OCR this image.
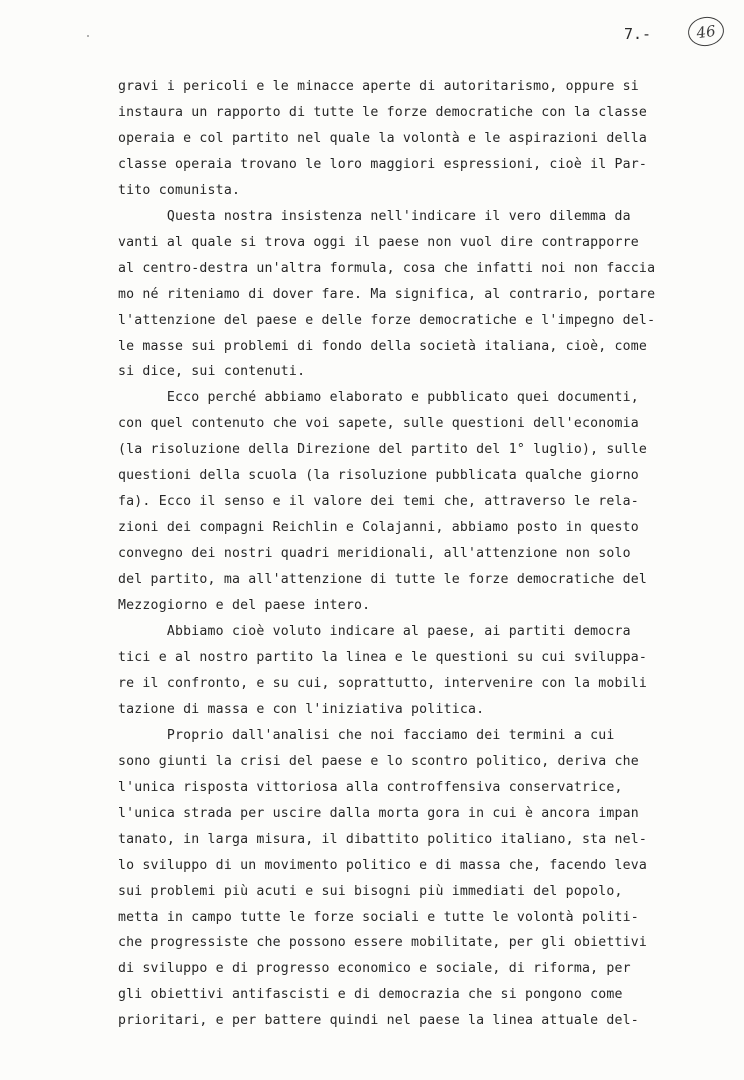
7.-	46
gravi i pericoli e le minacce aperte di autoritarismo, oppure si
instaura un rapporto di tutte le forze democratiche con la classe
operaia e col partito nel quale la volontà e le aspirazioni della
classe operaia trovano le loro maggiori espressioni, cioè il Par-
tito comunista.
Questa nostra insistenza nell'indicare il vero dilemma da
vanti al quale si trova oggi il paese non vuol dire contrapporre
al centro-destra un'altra formula, cosa che infatti noi non faccia
mo né riteniamo di dover fare. Ma significa, al contrario, portare
l'attenzione del paese e delle forze democratiche e l'impegno del-
le masse sui problemi di fondo della società italiana, cioè, come
si dice, sui contenuti.
Ecco perché abbiamo elaborato e pubblicato quei documenti,
con quel contenuto che voi sapete, sulle questioni dell'economia
(la risoluzione della Direzione del partito del 1° luglio), sulle
questioni della scuola (la risoluzione pubblicata qualche giorno
fa). Ecco il senso e il valore dei temi che, attraverso le rela-
zioni dei compagni Reichlin e Colajanni, abbiamo posto in questo
convegno dei nostri quadri meridionali, all'attenzione non solo
del partito, ma all'attenzione di tutte le forze democratiche del
Mezzogiorno e del paese intero.
Abbiamo cioè voluto indicare al paese, ai partiti democra
tici e al nostro partito la linea e le questioni su cui sviluppa-
re il confronto, e su cui, soprattutto, intervenire con la mobili
tazione di massa e con l'iniziativa politica.
Proprio dall'analisi che noi facciamo dei termini a cui
sono giunti la crisi del paese e lo scontro politico, deriva che
l'unica risposta vittoriosa alla controffensiva conservatrice,
l'unica strada per uscire dalla morta gora in cui è ancora impan
tanato, in larga misura, il dibattito politico italiano, sta nel-
lo sviluppo di un movimento politico e di massa che, facendo leva
sui problemi più acuti e sui bisogni più immediati del popolo,
metta in campo tutte le forze sociali e tutte le volontà politi-
che progressiste che possono essere mobilitate, per gli obiettivi
di sviluppo e di progresso economico e sociale, di riforma, per
gli obiettivi antifascisti e di democrazia che si pongono come
prioritari, e per battere quindi nel paese la linea attuale del-
